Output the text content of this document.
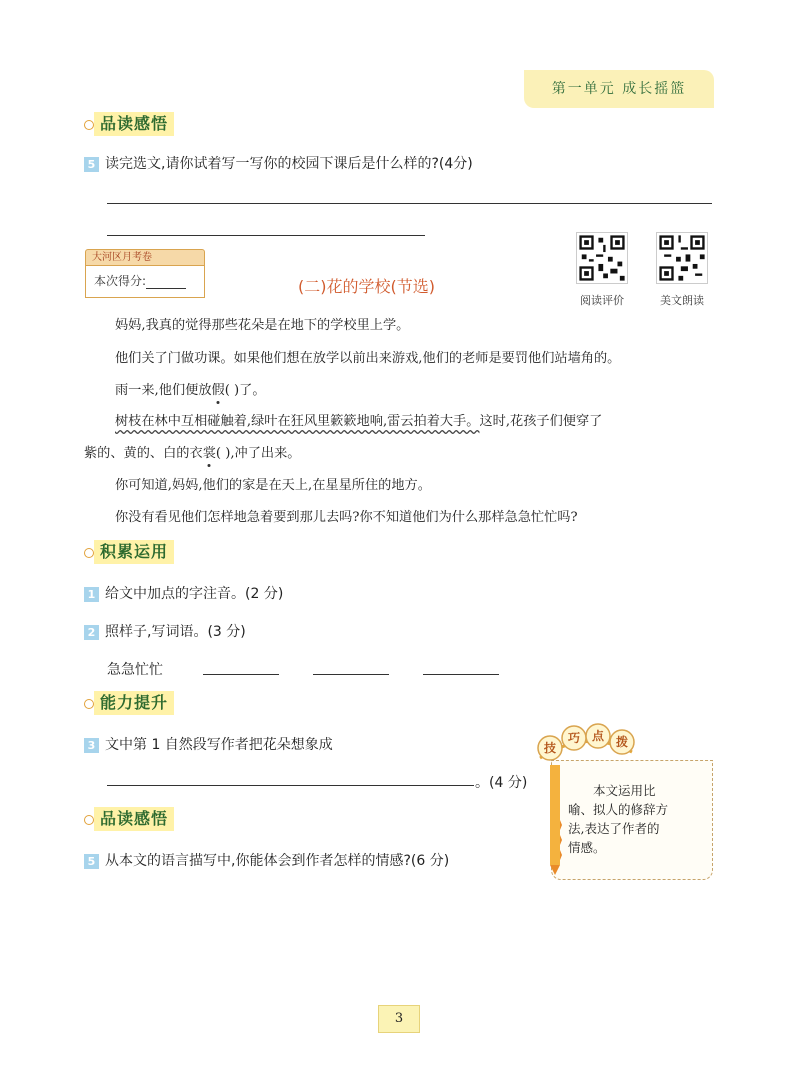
第一单元 成长摇篮
品读感悟
5 读完选文,请你试着写一写你的校园下课后是什么样的?(4分)
大河区月考卷
本次得分:	(二)花的学校(节选)
阅读评价	美文朗读

妈妈,我真的觉得那些花朵是在地下的学校里上学。

他们关了门做功课。如果他们想在放学以前出来游戏,他们的老师是要罚他们站墙角的。

雨一来,他们便放假( )了。

树枝在林中互相碰触着,绿叶在狂风里簌簌地响,雷云拍着大手。这时,花孩子们便穿了

紫的、黄的、白的衣裳( ),冲了出来。

你可知道,妈妈,他们的家是在天上,在星星所住的地方。

你没有看见他们怎样地急着要到那儿去吗?你不知道他们为什么那样急急忙忙吗?

积累运用
1 给文中加点的字注音。(2 分)
2 照样子,写词语。(3 分)
急急忙忙
能力提升
3 文中第 1 自然段写作者把花朵想象成
。(4 分)
品读感悟
5 从本文的语言描写中,你能体会到作者怎样的情感?(6 分)
技
巧 点 拨
本文运用比
喻、拟人的修辞方
法,表达了作者的
情感。
3
